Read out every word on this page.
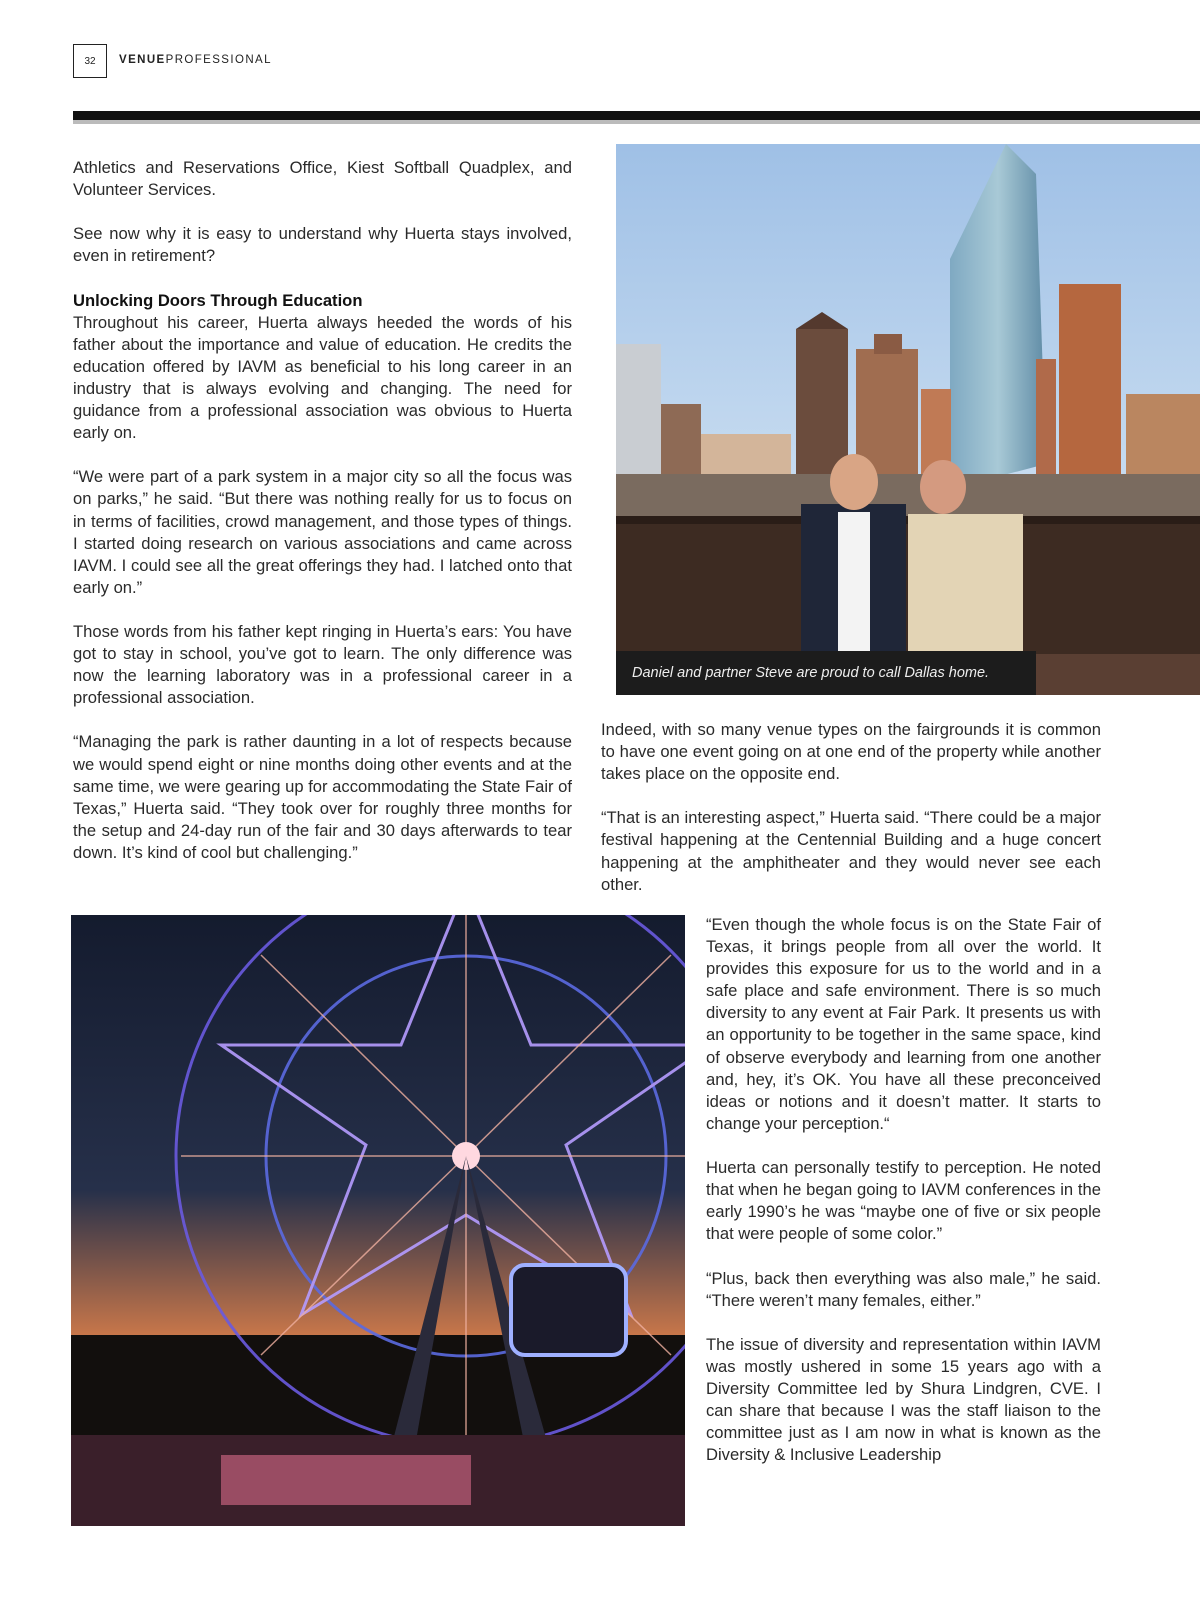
32	VENUEPROFESSIONAL

Athletics and Reservations Office, Kiest Softball Quadplex, and Volunteer Services.

See now why it is easy to understand why Huerta stays involved, even in retirement?

Unlocking Doors Through Education

Throughout his career, Huerta always heeded the words of his father about the importance and value of education. He credits the education offered by IAVM as beneficial to his long career in an industry that is always evolving and changing. The need for guidance from a professional association was obvious to Huerta early on.

“We were part of a park system in a major city so all the focus was on parks,” he said. “But there was nothing really for us to focus on in terms of facilities, crowd management, and those types of things. I started doing research on various associations and came across IAVM. I could see all the great offerings they had. I latched onto that early on.”

Those words from his father kept ringing in Huerta’s ears: You have got to stay in school, you’ve got to learn. The only difference was now the learning laboratory was in a professional career in a professional association.

“Managing the park is rather daunting in a lot of respects because we would spend eight or nine months doing other events and at the same time, we were gearing up for accommodating the State Fair of Texas,” Huerta said. “They took over for roughly three months for the setup and 24-day run of the fair and 30 days afterwards to tear down. It’s kind of cool but challenging.”

Daniel and partner Steve are proud to call Dallas home.

Indeed, with so many venue types on the fairgrounds it is common to have one event going on at one end of the property while another takes place on the opposite end.

“That is an interesting aspect,” Huerta said. “There could be a major festival happening at the Centennial Building and a huge concert happening at the amphitheater and they would never see each other.

“Even though the whole focus is on the State Fair of Texas, it brings people from all over the world. It provides this exposure for us to the world and in a safe place and safe environment. There is so much diversity to any event at Fair Park. It presents us with an opportunity to be together in the same space, kind of observe everybody and learning from one another and, hey, it’s OK. You have all these preconceived ideas or notions and it doesn’t matter. It starts to change your perception.“

Huerta can personally testify to perception. He noted that when he began going to IAVM conferences in the early 1990’s he was “maybe one of five or six people that were people of some color.”

“Plus, back then everything was also male,” he said. “There weren’t many females, either.”

The issue of diversity and representation within IAVM was mostly ushered in some 15 years ago with a Diversity Committee led by Shura Lindgren, CVE. I can share that because I was the staff liaison to the committee just as I am now in what is known as the Diversity & Inclusive Leadership
